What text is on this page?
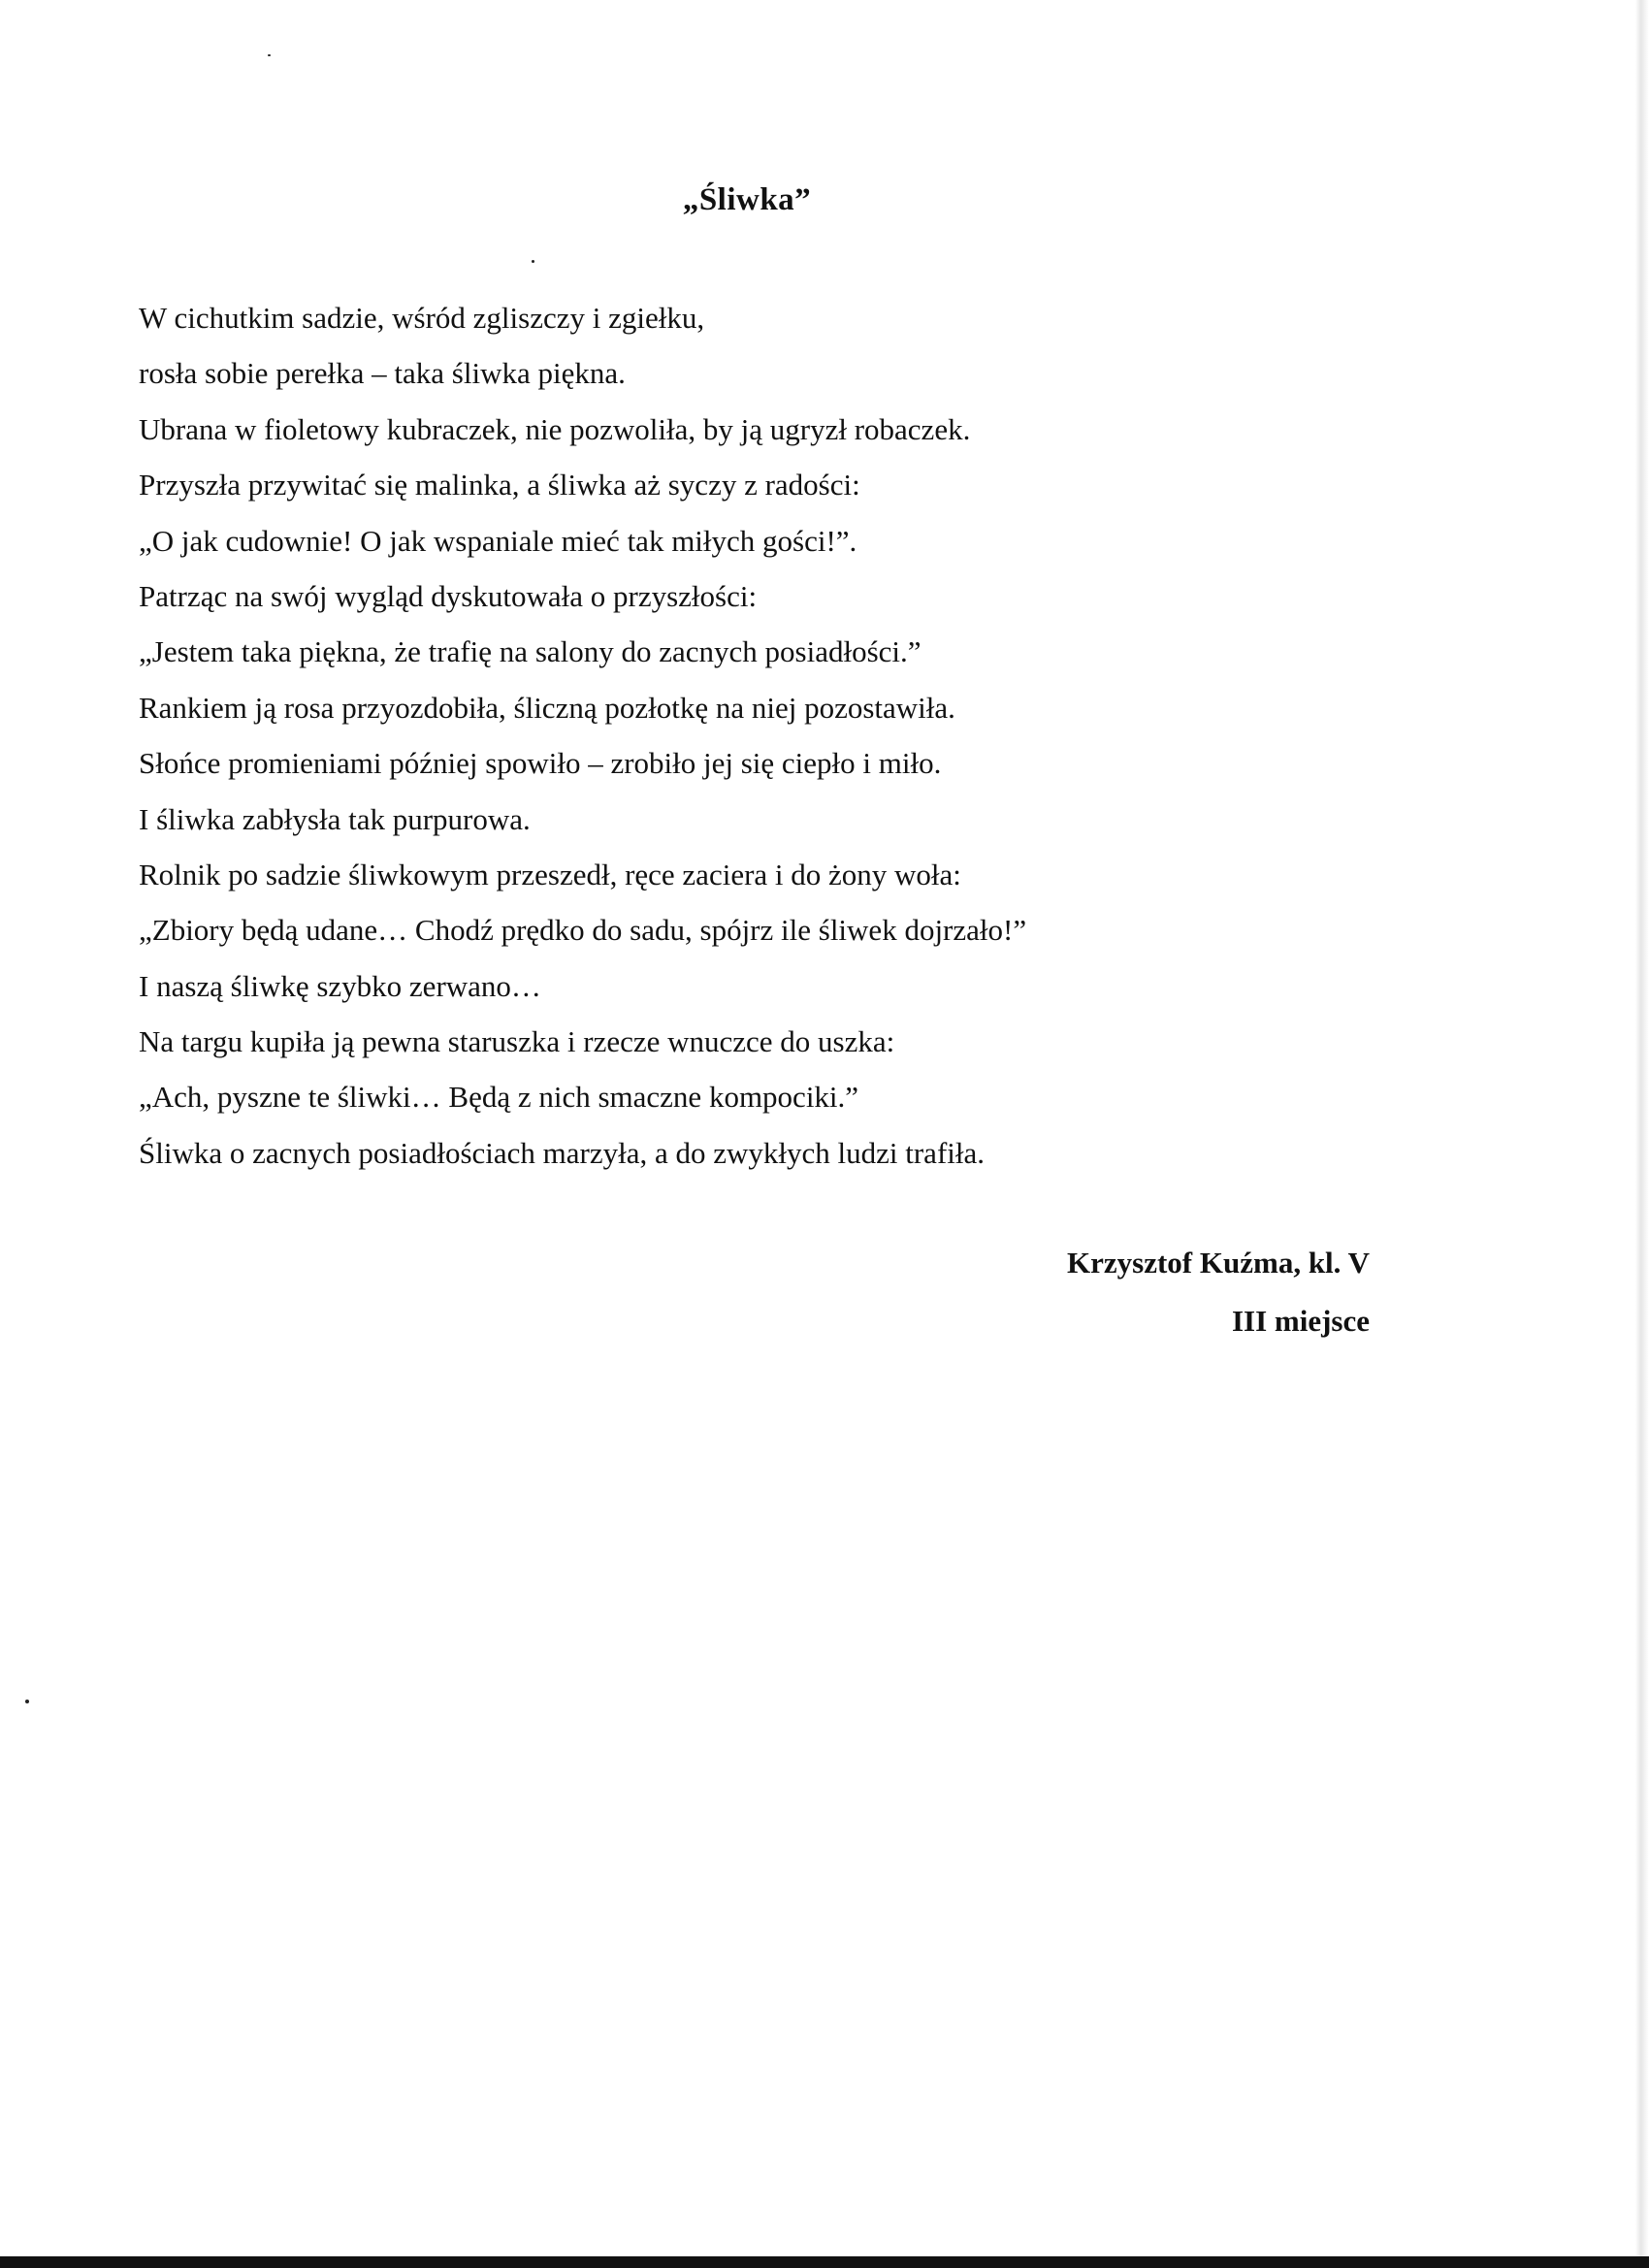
„Śliwka”
W cichutkim sadzie, wśród zgliszczy i zgiełku,
rosła sobie perełka – taka śliwka piękna.
Ubrana w fioletowy kubraczek, nie pozwoliła, by ją ugryzł robaczek.
Przyszła przywitać się malinka, a śliwka aż syczy z radości:
„O jak cudownie! O jak wspaniale mieć tak miłych gości!”.
Patrząc na swój wygląd dyskutowała o przyszłości:
„Jestem taka piękna, że trafię na salony do zacnych posiadłości.”
Rankiem ją rosa przyozdobiła, śliczną pozłotkę na niej pozostawiła.
Słońce promieniami później spowiło – zrobiło jej się ciepło i miło.
I śliwka zabłysła tak purpurowa.
Rolnik po sadzie śliwkowym przeszedł, ręce zaciera i do żony woła:
„Zbiory będą udane… Chodź prędko do sadu, spójrz ile śliwek dojrzało!”
I naszą śliwkę szybko zerwano…
Na targu kupiła ją pewna staruszka i rzecze wnuczce do uszka:
„Ach, pyszne te śliwki… Będą z nich smaczne kompociki.”
Śliwka o zacnych posiadłościach marzyła, a do zwykłych ludzi trafiła.
Krzysztof Kuźma, kl. V
III miejsce
